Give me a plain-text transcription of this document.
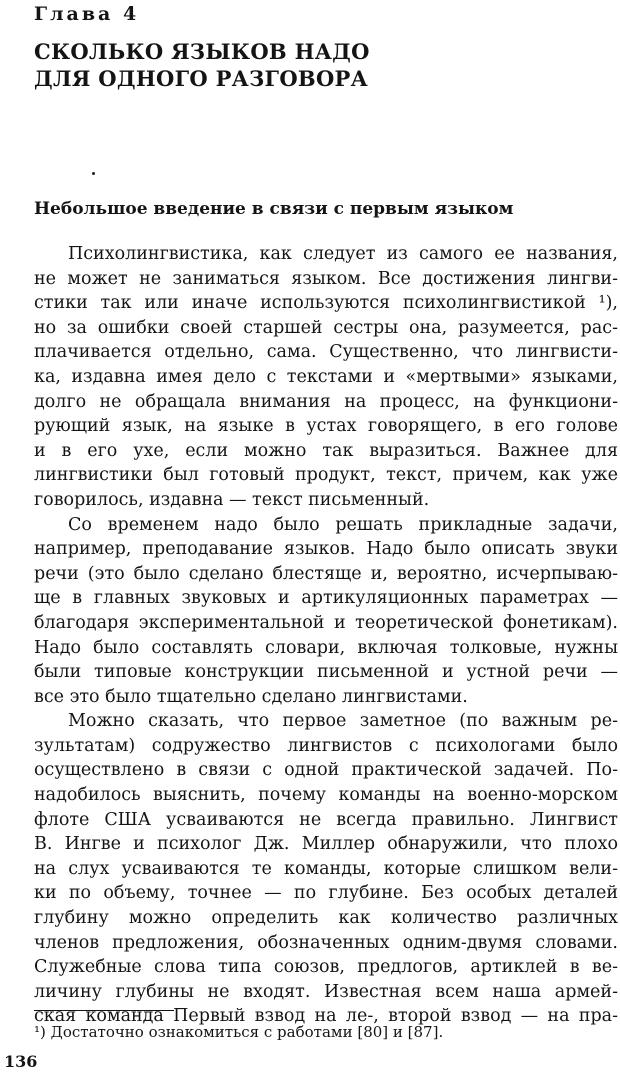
Глава 4
СКОЛЬКО ЯЗЫКОВ НАДО
ДЛЯ ОДНОГО РАЗГОВОРА
Небольшое введение в связи с первым языком
Психолингвистика, как следует из самого ее названия,
не может не заниматься языком. Все достижения лингви-
стики так или иначе используются психолингвистикой ¹),
но за ошибки своей старшей сестры она, разумеется, рас-
плачивается отдельно, сама. Существенно, что лингвисти-
ка, издавна имея дело с текстами и «мертвыми» языками,
долго не обращала внимания на процесс, на функциони-
рующий язык, на языке в устах говорящего, в его голове
и в его ухе, если можно так выразиться. Важнее для
лингвистики был готовый продукт, текст, причем, как уже
говорилось, издавна — текст письменный.
Со временем надо было решать прикладные задачи,
например, преподавание языков. Надо было описать звуки
речи (это было сделано блестяще и, вероятно, исчерпываю-
ще в главных звуковых и артикуляционных параметрах —
благодаря экспериментальной и теоретической фонетикам).
Надо было составлять словари, включая толковые, нужны
были типовые конструкции письменной и устной речи —
все это было тщательно сделано лингвистами.
Можно сказать, что первое заметное (по важным ре-
зультатам) содружество лингвистов с психологами было
осуществлено в связи с одной практической задачей. По-
надобилось выяснить, почему команды на военно-морском
флоте США усваиваются не всегда правильно. Лингвист
В. Ингве и психолог Дж. Миллер обнаружили, что плохо
на слух усваиваются те команды, которые слишком вели-
ки по объему, точнее — по глубине. Без особых деталей
глубину можно определить как количество различных
членов предложения, обозначенных одним-двумя словами.
Служебные слова типа союзов, предлогов, артиклей в ве-
личину глубины не входят. Известная всем наша армей-
ская команда Первый взвод на ле-, второй взвод — на пра-
¹) Достаточно ознакомиться с работами [80] и [87].
136
